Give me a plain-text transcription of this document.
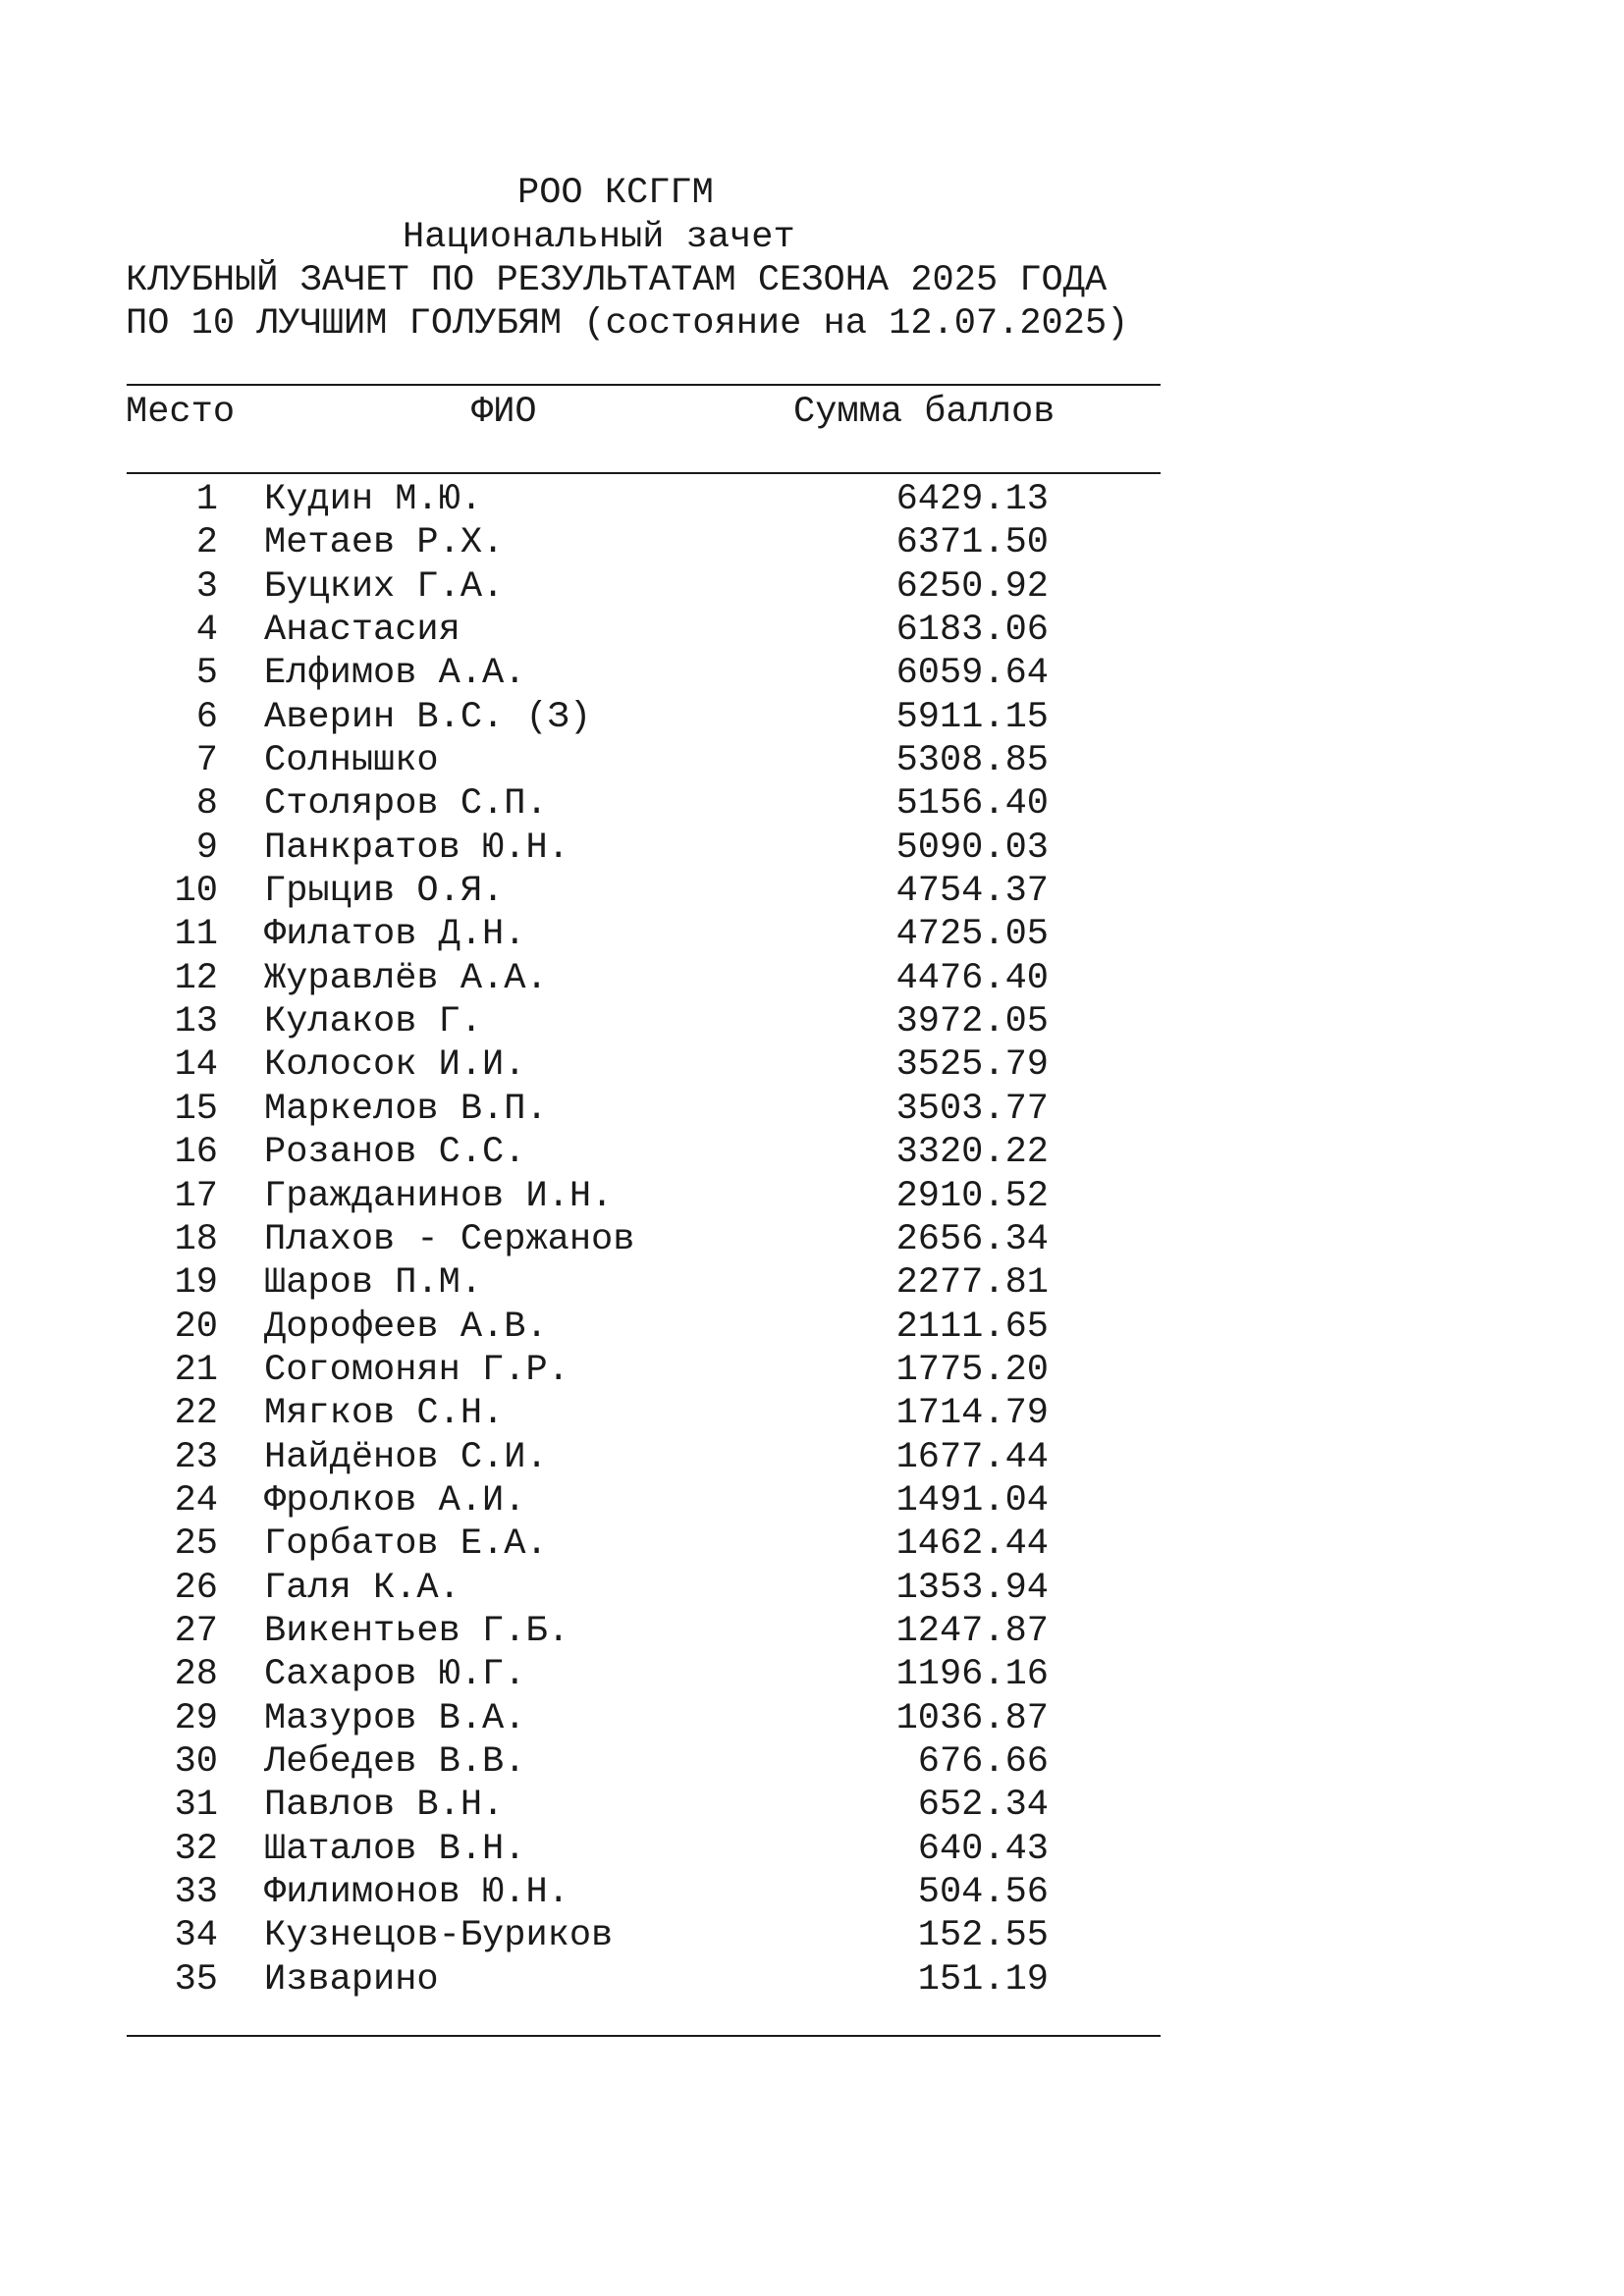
РОО КСГГМ
Национальный зачет
КЛУБНЫЙ ЗАЧЕТ ПО РЕЗУЛЬТАТАМ СЕЗОНА 2025 ГОДА
ПО 10 ЛУЧШИМ ГОЛУБЯМ (состояние на 12.07.2025)
Место	ФИО	Сумма баллов
1 Кудин М.Ю.	6429.13
2 Метаев Р.Х.	6371.50
3 Буцких Г.А.	6250.92
4 Анастасия	6183.06
5 Елфимов А.А.	6059.64
6 Аверин В.С. (З)	5911.15
7 Солнышко	5308.85
8 Столяров С.П.	5156.40
9 Панкратов Ю.Н.	5090.03
10 Грыцив О.Я.	4754.37
11 Филатов Д.Н.	4725.05
12 Журавлёв А.А.	4476.40
13 Кулаков Г.	3972.05
14 Колосок И.И.	3525.79
15 Маркелов В.П.	3503.77
16 Розанов С.С.	3320.22
17 Гражданинов И.Н.	2910.52
18 Плахов - Сержанов	2656.34
19 Шаров П.М.	2277.81
20 Дорофеев А.В.	2111.65
21 Согомонян Г.Р.	1775.20
22 Мягков С.Н.	1714.79
23 Найдёнов С.И.	1677.44
24 Фролков А.И.	1491.04
25 Горбатов Е.А.	1462.44
26 Галя К.А.	1353.94
27 Викентьев Г.Б.	1247.87
28 Сахаров Ю.Г.	1196.16
29 Мазуров В.А.	1036.87
30 Лебедев В.В.	676.66
31 Павлов В.Н.	652.34
32 Шаталов В.Н.	640.43
33 Филимонов Ю.Н.	504.56
34 Кузнецов-Буриков	152.55
35 Изварино	151.19
